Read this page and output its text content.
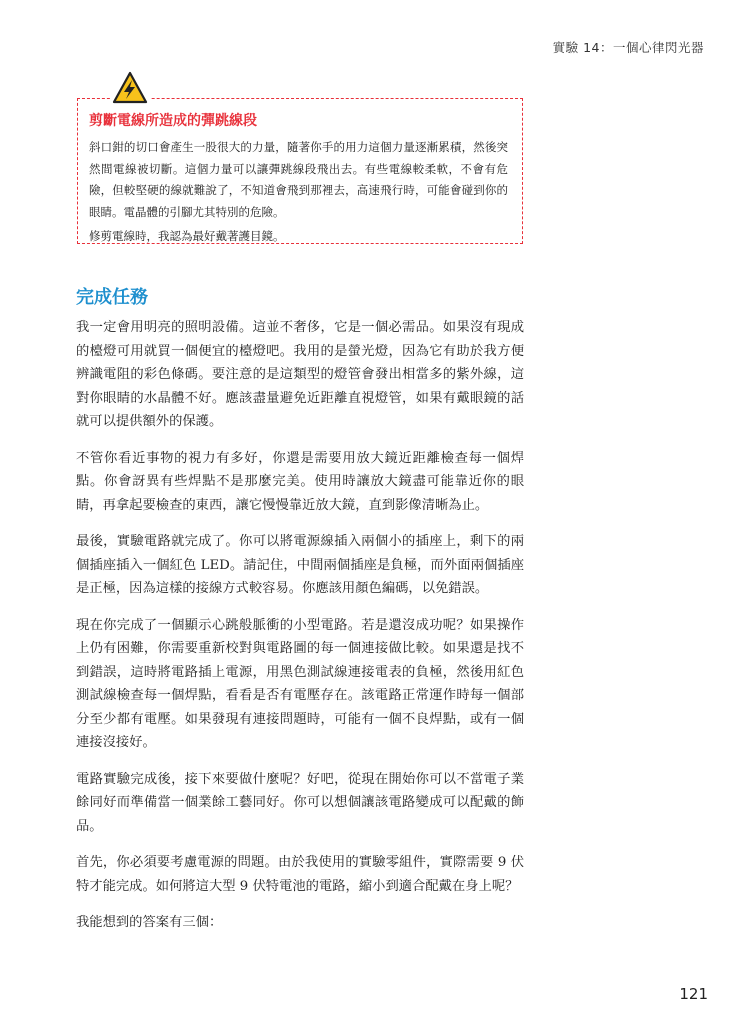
實驗 14：一個心律閃光器
剪斷電線所造成的彈跳線段

斜口鉗的切口會產生一股很大的力量，隨著你手的用力這個力量逐漸累積，然後突然間電線被切斷。這個力量可以讓彈跳線段飛出去。有些電線較柔軟，不會有危險，但較堅硬的線就難說了，不知道會飛到那裡去，高速飛行時，可能會碰到你的眼睛。電晶體的引腳尤其特別的危險。

修剪電線時，我認為最好戴著護目鏡。

完成任務

我一定會用明亮的照明設備。這並不奢侈，它是一個必需品。如果沒有現成的檯燈可用就買一個便宜的檯燈吧。我用的是螢光燈，因為它有助於我方便辨識電阻的彩色條碼。要注意的是這類型的燈管會發出相當多的紫外線，這對你眼睛的水晶體不好。應該盡量避免近距離直視燈管，如果有戴眼鏡的話就可以提供額外的保護。

不管你看近事物的視力有多好，你還是需要用放大鏡近距離檢查每一個焊點。你會訝異有些焊點不是那麼完美。使用時讓放大鏡盡可能靠近你的眼睛，再拿起要檢查的東西，讓它慢慢靠近放大鏡，直到影像清晰為止。

最後，實驗電路就完成了。你可以將電源線插入兩個小的插座上，剩下的兩個插座插入一個紅色 LED。請記住，中間兩個插座是負極，而外面兩個插座是正極，因為這樣的接線方式較容易。你應該用顏色編碼，以免錯誤。

現在你完成了一個顯示心跳般脈衝的小型電路。若是還沒成功呢？如果操作上仍有困難，你需要重新校對與電路圖的每一個連接做比較。如果還是找不到錯誤，這時將電路插上電源，用黑色測試線連接電表的負極，然後用紅色測試線檢查每一個焊點，看看是否有電壓存在。該電路正常運作時每一個部分至少都有電壓。如果發現有連接問題時，可能有一個不良焊點，或有一個連接沒接好。

電路實驗完成後，接下來要做什麼呢？好吧，從現在開始你可以不當電子業餘同好而準備當一個業餘工藝同好。你可以想個讓該電路變成可以配戴的飾品。

首先，你必須要考慮電源的問題。由於我使用的實驗零組件，實際需要 9 伏特才能完成。如何將這大型 9 伏特電池的電路，縮小到適合配戴在身上呢？

我能想到的答案有三個：

121
